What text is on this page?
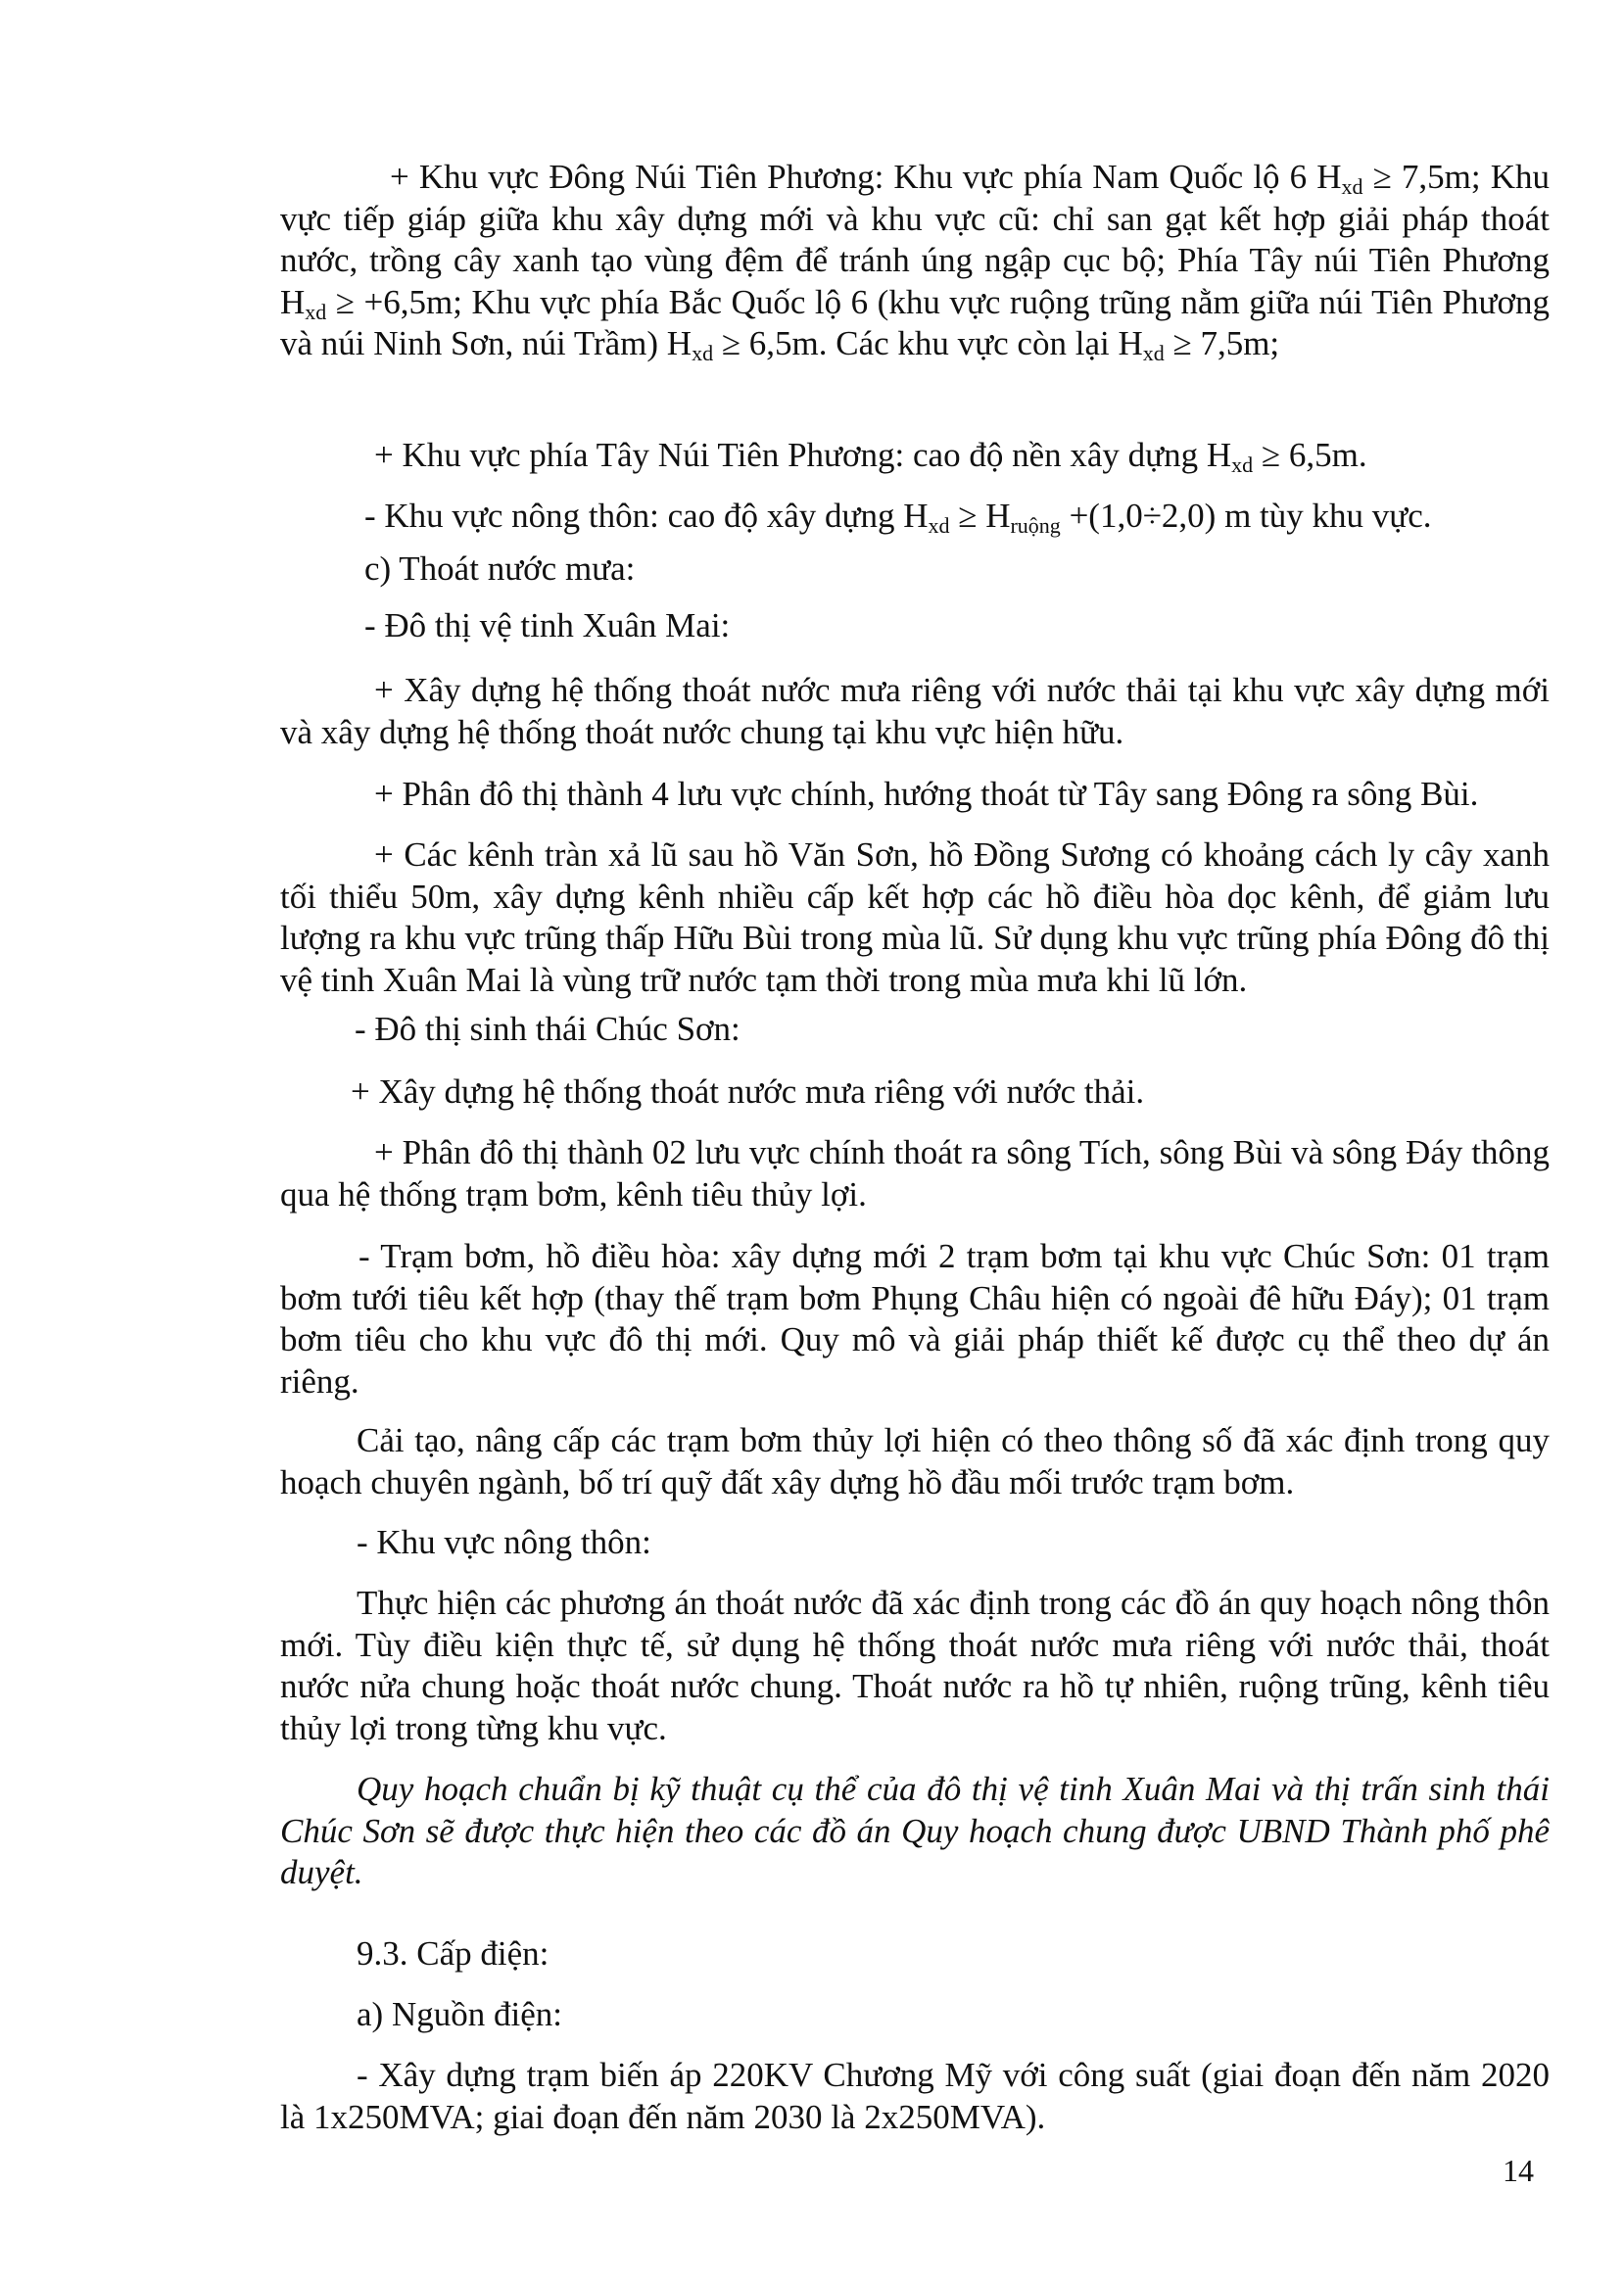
+ Khu vực Đông Núi Tiên Phương: Khu vực phía Nam Quốc lộ 6 $H_{xd} \ge 7,5m$; Khu vực tiếp giáp giữa khu xây dựng mới và khu vực cũ: chỉ san gạt kết hợp giải pháp thoát nước, trồng cây xanh tạo vùng đệm để tránh úng ngập cục bộ; Phía Tây núi Tiên Phương $H_{xd} \ge +6,5m$; Khu vực phía Bắc Quốc lộ 6 (khu vực ruộng trũng nằm giữa núi Tiên Phương và núi Ninh Sơn, núi Trầm) $H_{xd} \ge 6,5m$. Các khu vực còn lại $H_{xd} \ge 7,5m$;
+ Khu vực phía Tây Núi Tiên Phương: cao độ nền xây dựng $H_{xd} \ge 6,5m$.
- Khu vực nông thôn: cao độ xây dựng $H_{xd} \ge H_{ruộng} +(1,0\div 2,0)$ m tùy khu vực.
c) Thoát nước mưa:
- Đô thị vệ tinh Xuân Mai:
+ Xây dựng hệ thống thoát nước mưa riêng với nước thải tại khu vực xây dựng mới và xây dựng hệ thống thoát nước chung tại khu vực hiện hữu.
+ Phân đô thị thành 4 lưu vực chính, hướng thoát từ Tây sang Đông ra sông Bùi.
+ Các kênh tràn xả lũ sau hồ Văn Sơn, hồ Đồng Sương có khoảng cách ly cây xanh tối thiểu 50m, xây dựng kênh nhiều cấp kết hợp các hồ điều hòa dọc kênh, để giảm lưu lượng ra khu vực trũng thấp Hữu Bùi trong mùa lũ. Sử dụng khu vực trũng phía Đông đô thị vệ tinh Xuân Mai là vùng trữ nước tạm thời trong mùa mưa khi lũ lớn.
- Đô thị sinh thái Chúc Sơn:
+ Xây dựng hệ thống thoát nước mưa riêng với nước thải.
+ Phân đô thị thành 02 lưu vực chính thoát ra sông Tích, sông Bùi và sông Đáy thông qua hệ thống trạm bơm, kênh tiêu thủy lợi.
- Trạm bơm, hồ điều hòa: xây dựng mới 2 trạm bơm tại khu vực Chúc Sơn: 01 trạm bơm tưới tiêu kết hợp (thay thế trạm bơm Phụng Châu hiện có ngoài đê hữu Đáy); 01 trạm bơm tiêu cho khu vực đô thị mới. Quy mô và giải pháp thiết kế được cụ thể theo dự án riêng.
Cải tạo, nâng cấp các trạm bơm thủy lợi hiện có theo thông số đã xác định trong quy hoạch chuyên ngành, bố trí quỹ đất xây dựng hồ đầu mối trước trạm bơm.
- Khu vực nông thôn:
Thực hiện các phương án thoát nước đã xác định trong các đồ án quy hoạch nông thôn mới. Tùy điều kiện thực tế, sử dụng hệ thống thoát nước mưa riêng với nước thải, thoát nước nửa chung hoặc thoát nước chung. Thoát nước ra hồ tự nhiên, ruộng trũng, kênh tiêu thủy lợi trong từng khu vực.
Quy hoạch chuẩn bị kỹ thuật cụ thể của đô thị vệ tinh Xuân Mai và thị trấn sinh thái Chúc Sơn sẽ được thực hiện theo các đồ án Quy hoạch chung được UBND Thành phố phê duyệt.
9.3. Cấp điện:
a) Nguồn điện:
- Xây dựng trạm biến áp 220KV Chương Mỹ với công suất (giai đoạn đến năm 2020 là 1x250MVA; giai đoạn đến năm 2030 là 2x250MVA).
14
